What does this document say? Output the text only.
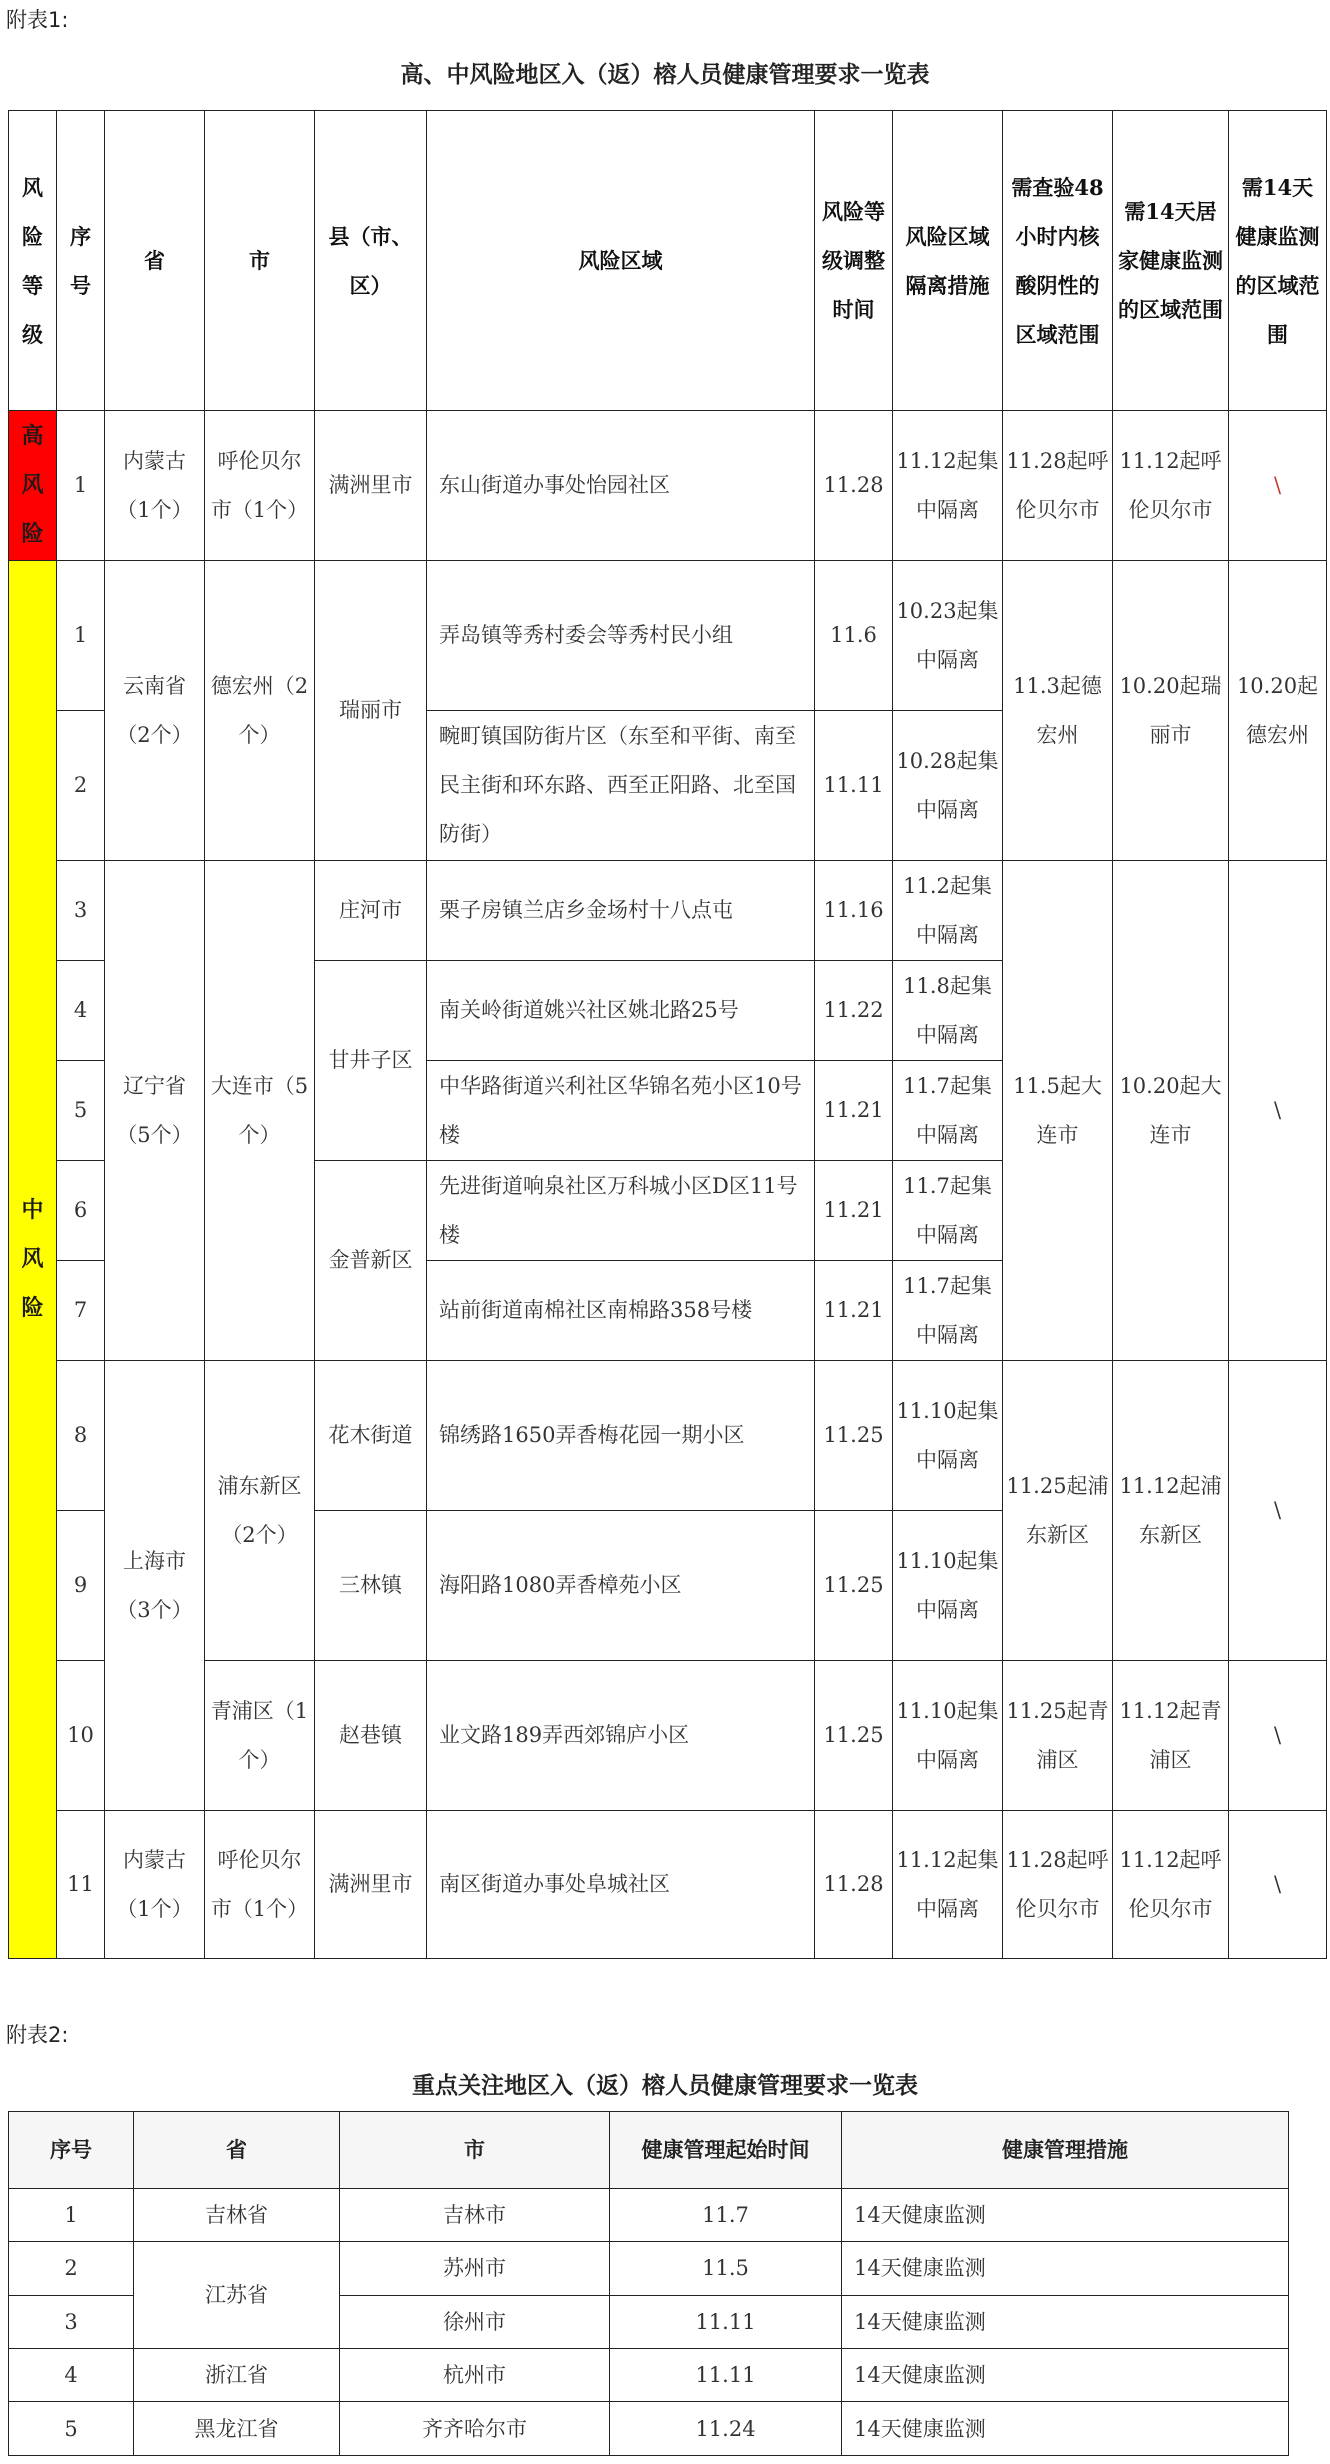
附表1:
高、中风险地区入（返）榕人员健康管理要求一览表
风险等级	序号	省	市	县（市、区）	风险区域	风险等级调整时间	风险区域隔离措施	需查验48小时内核酸阴性的区域范围	需14天居家健康监测的区域范围	需14天健康监测的区域范围
高风险	1	内蒙古（1个）	呼伦贝尔市（1个）	满洲里市	东山街道办事处怡园社区	11.28	11.12起集中隔离	11.28起呼伦贝尔市	11.12起呼伦贝尔市	\
中风险	1	云南省（2个）	德宏州（2个）	瑞丽市	弄岛镇等秀村委会等秀村民小组	11.6	10.23起集中隔离	11.3起德宏州	10.20起瑞丽市	10.20起德宏州
	2				畹町镇国防街片区（东至和平街、南至民主街和环东路、西至正阳路、北至国防街）	11.11	10.28起集中隔离			
	3	辽宁省（5个）	大连市（5个）	庄河市	栗子房镇兰店乡金场村十八点屯	11.16	11.2起集中隔离	11.5起大连市	10.20起大连市	\
	4			甘井子区	南关岭街道姚兴社区姚北路25号	11.22	11.8起集中隔离			
	5				中华路街道兴利社区华锦名苑小区10号楼	11.21	11.7起集中隔离			
	6			金普新区	先进街道响泉社区万科城小区D区11号楼	11.21	11.7起集中隔离			
	7				站前街道南棉社区南棉路358号楼	11.21	11.7起集中隔离			
	8	上海市（3个）	浦东新区（2个）	花木街道	锦绣路1650弄香梅花园一期小区	11.25	11.10起集中隔离	11.25起浦东新区	11.12起浦东新区	\
	9			三林镇	海阳路1080弄香樟苑小区	11.25	11.10起集中隔离			
	10		青浦区（1个）	赵巷镇	业文路189弄西郊锦庐小区	11.25	11.10起集中隔离	11.25起青浦区	11.12起青浦区	\
	11	内蒙古（1个）	呼伦贝尔市（1个）	满洲里市	南区街道办事处阜城社区	11.28	11.12起集中隔离	11.28起呼伦贝尔市	11.12起呼伦贝尔市	\
附表2:
重点关注地区入（返）榕人员健康管理要求一览表
序号	省	市	健康管理起始时间	健康管理措施
1	吉林省	吉林市	11.7	14天健康监测
2	江苏省	苏州市	11.5	14天健康监测
3		徐州市	11.11	14天健康监测
4	浙江省	杭州市	11.11	14天健康监测
5	黑龙江省	齐齐哈尔市	11.24	14天健康监测
